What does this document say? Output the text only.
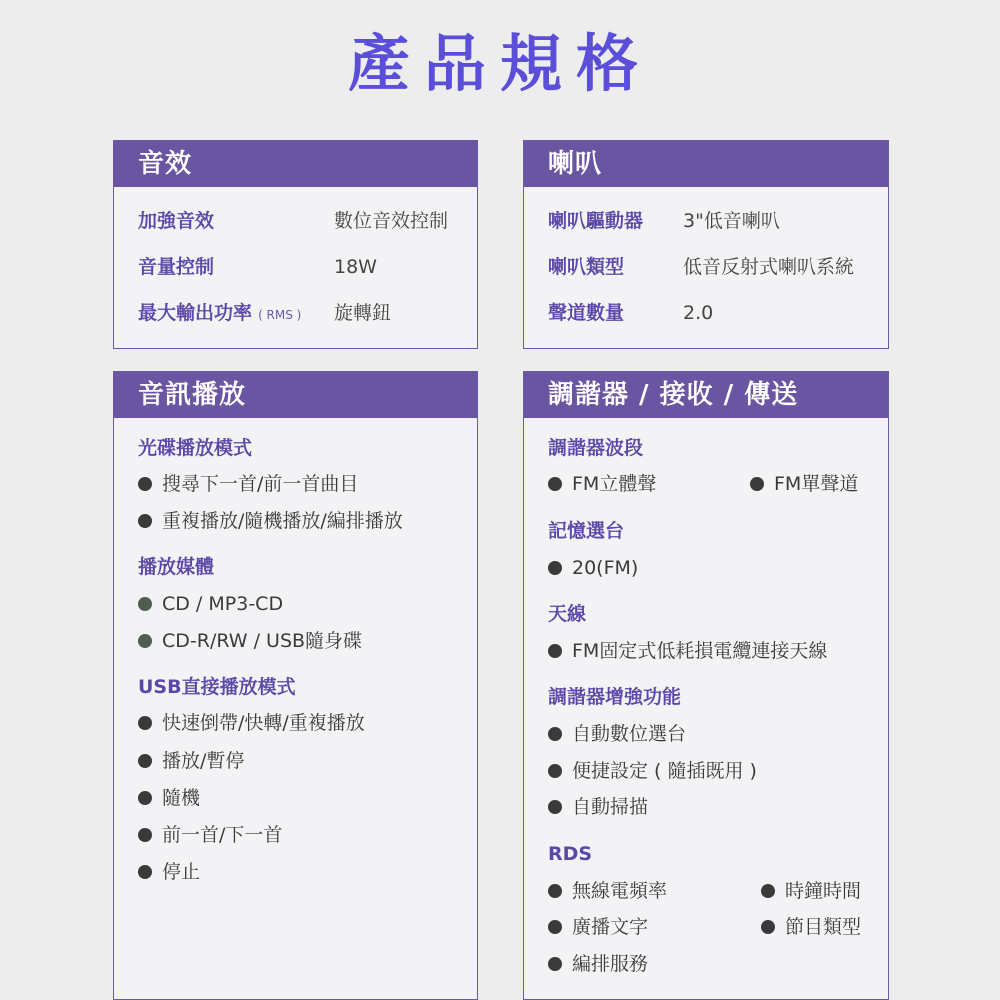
產品規格
音效
加強音效	數位音效控制
音量控制	18W
最大輸出功率 ( RMS ) 旋轉鈕
喇叭
喇叭驅動器 3"低音喇叭
喇叭類型	低音反射式喇叭系統
聲道數量	2.0
音訊播放
光碟播放模式
搜尋下一首/前一首曲目
重複播放/隨機播放/編排播放
播放媒體
CD / MP3-CD
CD-R/RW / USB隨身碟
USB直接播放模式
快速倒帶/快轉/重複播放
播放/暫停
隨機
前一首/下一首
停止
調諧器 / 接收 / 傳送
調諧器波段
FM立體聲	FM單聲道
記憶選台
20(FM)
天線
FM固定式低耗損電纜連接天線
調諧器增強功能
自動數位選台
便捷設定 ( 隨插既用 )
自動掃描
RDS
無線電頻率	時鐘時間
廣播文字	節目類型
編排服務
